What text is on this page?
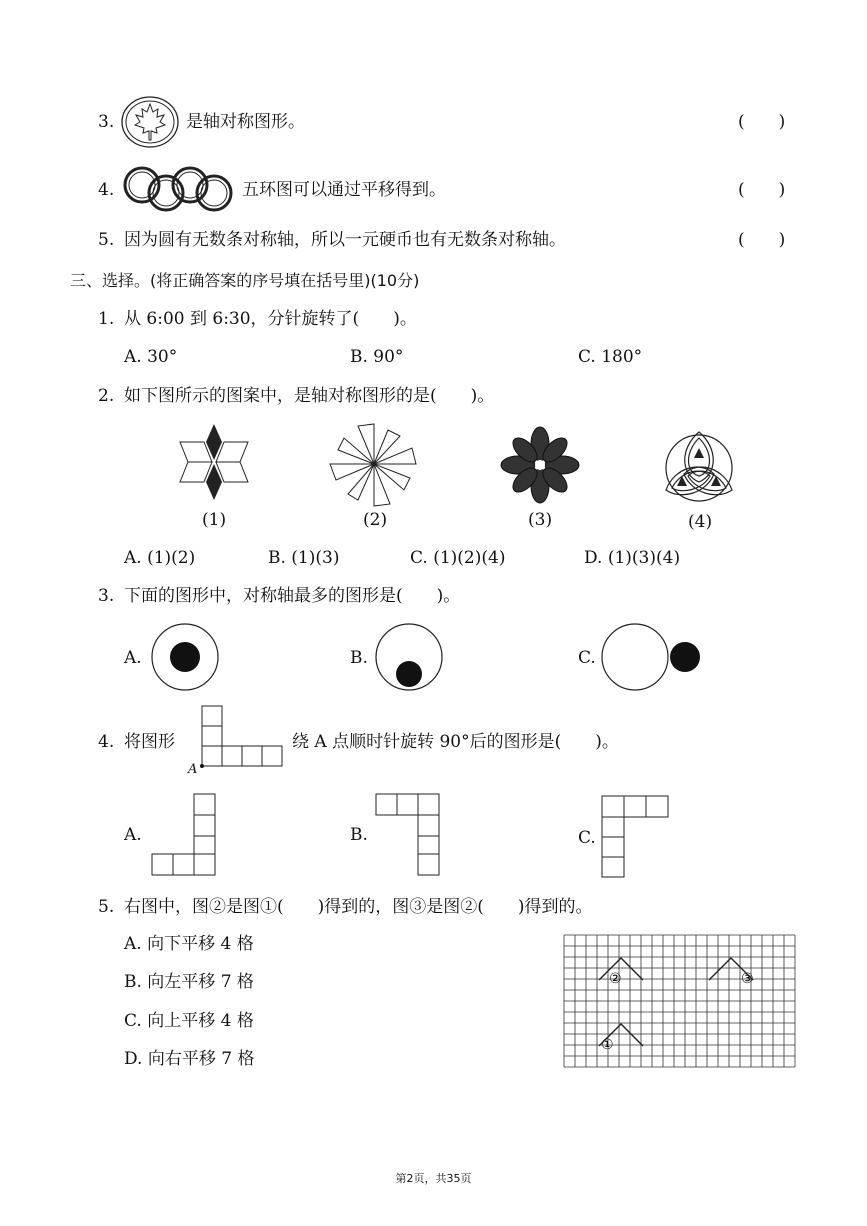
3.	是轴对称图形。	(　　)
4.	五环图可以通过平移得到。	(　　)
5. 因为圆有无数条对称轴，所以一元硬币也有无数条对称轴。	(　　)
三、选择。(将正确答案的序号填在括号里)(10分)
1. 从 6:00 到 6:30，分针旋转了(　　)。
A. 30°	B. 90°	C. 180°
2. 如下图所示的图案中，是轴对称图形的是(　　)。
(1)	(2)	(3)	(4)
A. (1)(2)	B. (1)(3)	C. (1)(2)(4)	D. (1)(3)(4)
3. 下面的图形中，对称轴最多的图形是(　　)。
A.	B.	C.
4. 将图形
A
绕 A 点顺时针旋转 90°后的图形是(　　)。
A.	B.	C.
5. 右图中，图②是图①(　　)得到的，图③是图②(　　)得到的。
A. 向下平移 4 格
B. 向左平移 7 格
C. 向上平移 4 格
D. 向右平移 7 格
②	③
①
第2页，共35页
